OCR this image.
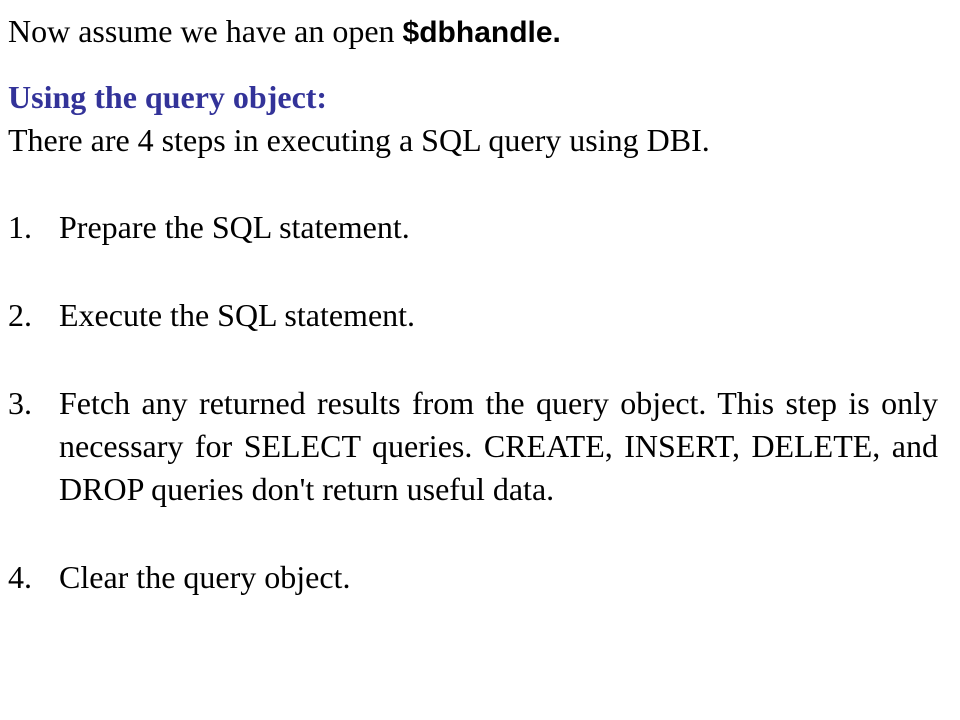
Now assume we have an open $dbhandle.

Using the query object:

There are 4 steps in executing a SQL query using DBI.

1. Prepare the SQL statement.
2. Execute the SQL statement.
3. Fetch any returned results from the query object. This step is only necessary for SELECT queries. CREATE, INSERT, DELETE, and DROP queries don't return useful data.
4. Clear the query object.
